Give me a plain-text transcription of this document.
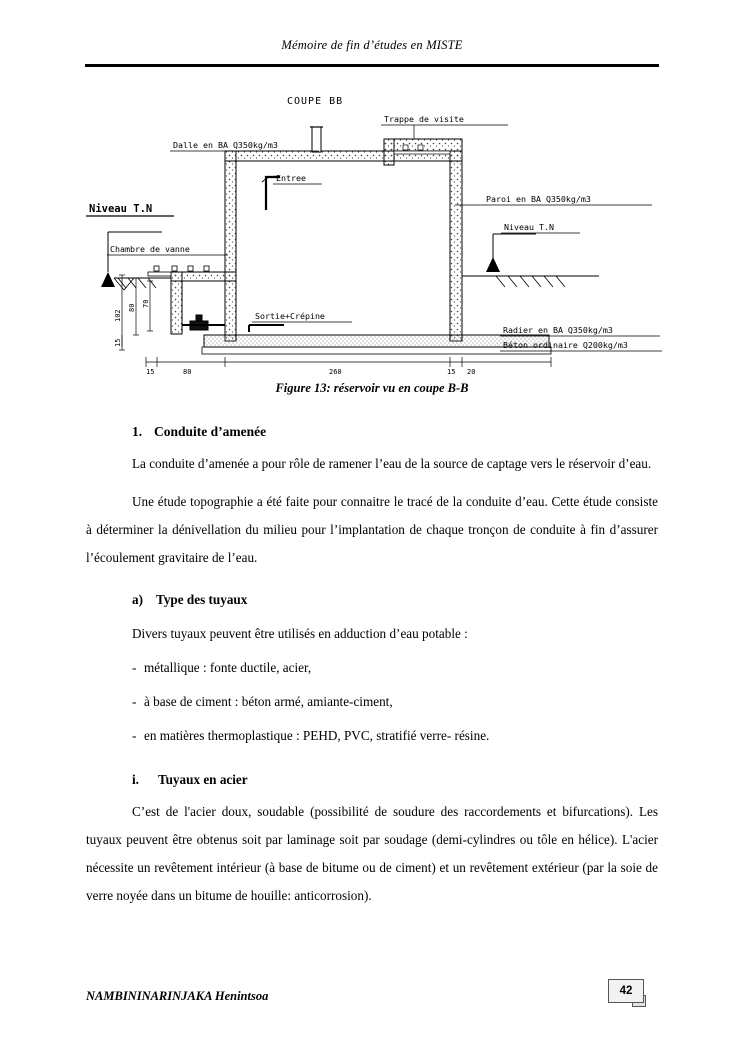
Mémoire de fin d’études en MISTE
COUPE BB
102
80 70
15
15	80	260	15 20
Trappe de visite
Dalle en BA Q350kg/m3
Entree
Paroi en BA Q350kg/m3
Niveau T.N
Niveau T.N
Chambre de vanne
Sortie+Crépine
Radier en BA Q350kg/m3
Béton ordinaire Q200kg/m3
Figure 13: réservoir vu en coupe B-B
1. Conduite d’amenée

La conduite d’amenée a pour rôle de ramener l’eau de la source de captage vers le réservoir d’eau.

Une étude topographie a été faite pour connaitre le tracé de la conduite d’eau. Cette étude consiste à déterminer la dénivellation du milieu pour l’implantation de chaque tronçon de conduite à fin d’assurer l’écoulement gravitaire de l’eau.

a) Type des tuyaux
Divers tuyaux peuvent être utilisés en adduction d’eau potable :
- métallique : fonte ductile, acier,
- à base de ciment : béton armé, amiante-ciment,
- en matières thermoplastique : PEHD, PVC, stratifié verre- résine.
i. Tuyaux en acier

C’est de l'acier doux, soudable (possibilité de soudure des raccordements et bifurcations). Les tuyaux peuvent être obtenus soit par laminage soit par soudage (demi-cylindres ou tôle en hélice). L'acier nécessite un revêtement intérieur (à base de bitume ou de ciment) et un revêtement extérieur (par la soie de verre noyée dans un bitume de houille: anticorrosion).

NAMBININARINJAKA Henintsoa	42
